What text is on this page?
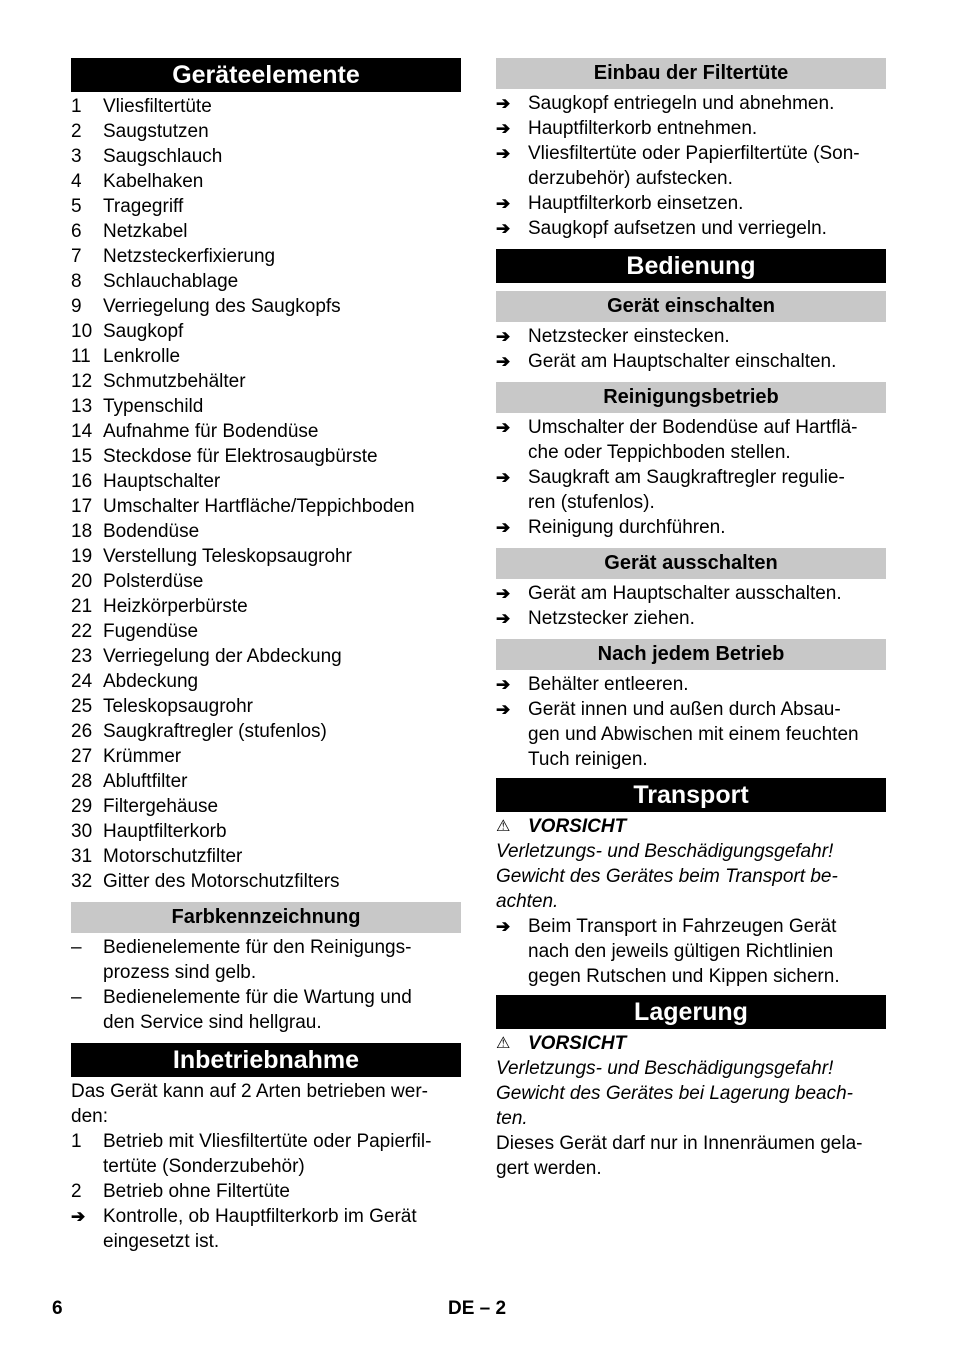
Geräteelemente
1	Vliesfiltertüte
2	Saugstutzen
3	Saugschlauch
4	Kabelhaken
5	Tragegriff
6	Netzkabel
7	Netzsteckerfixierung
8	Schlauchablage
9	Verriegelung des Saugkopfs
10 Saugkopf
11 Lenkrolle
12 Schmutzbehälter
13 Typenschild
14 Aufnahme für Bodendüse
15 Steckdose für Elektrosaugbürste
16 Hauptschalter
17 Umschalter Hartfläche/Teppichboden
18 Bodendüse
19 Verstellung Teleskopsaugrohr
20 Polsterdüse
21 Heizkörperbürste
22 Fugendüse
23 Verriegelung der Abdeckung
24 Abdeckung
25 Teleskopsaugrohr
26 Saugkraftregler (stufenlos)
27 Krümmer
28 Abluftfilter
29 Filtergehäuse
30 Hauptfilterkorb
31 Motorschutzfilter
32 Gitter des Motorschutzfilters
Farbkennzeichnung
–	Bedienelemente für den Reinigungs-
prozess sind gelb.
–	Bedienelemente für die Wartung und
den Service sind hellgrau.
Inbetriebnahme
Das Gerät kann auf 2 Arten betrieben wer-
den:
1	Betrieb mit Vliesfiltertüte oder Papierfil-
tertüte (Sonderzubehör)
2	Betrieb ohne Filtertüte
➔ Kontrolle, ob Hauptfilterkorb im Gerät
eingesetzt ist.
Einbau der Filtertüte
➔ Saugkopf entriegeln und abnehmen.
➔ Hauptfilterkorb entnehmen.
➔ Vliesfiltertüte oder Papierfiltertüte (Son-
derzubehör) aufstecken.
➔ Hauptfilterkorb einsetzen.
➔ Saugkopf aufsetzen und verriegeln.
Bedienung
Gerät einschalten
➔ Netzstecker einstecken.
➔ Gerät am Hauptschalter einschalten.
Reinigungsbetrieb
➔ Umschalter der Bodendüse auf Hartflä-
che oder Teppichboden stellen.
➔ Saugkraft am Saugkraftregler regulie-
ren (stufenlos).
➔ Reinigung durchführen.
Gerät ausschalten
➔ Gerät am Hauptschalter ausschalten.
➔ Netzstecker ziehen.
Nach jedem Betrieb
➔ Behälter entleeren.
➔ Gerät innen und außen durch Absau-
gen und Abwischen mit einem feuchten
Tuch reinigen.
Transport
⚠ VORSICHT
Verletzungs- und Beschädigungsgefahr!
Gewicht des Gerätes beim Transport be-
achten.
➔ Beim Transport in Fahrzeugen Gerät
nach den jeweils gültigen Richtlinien
gegen Rutschen und Kippen sichern.
Lagerung
⚠ VORSICHT
Verletzungs- und Beschädigungsgefahr!
Gewicht des Gerätes bei Lagerung beach-
ten.
Dieses Gerät darf nur in Innenräumen gela-
gert werden.
6	DE – 2
